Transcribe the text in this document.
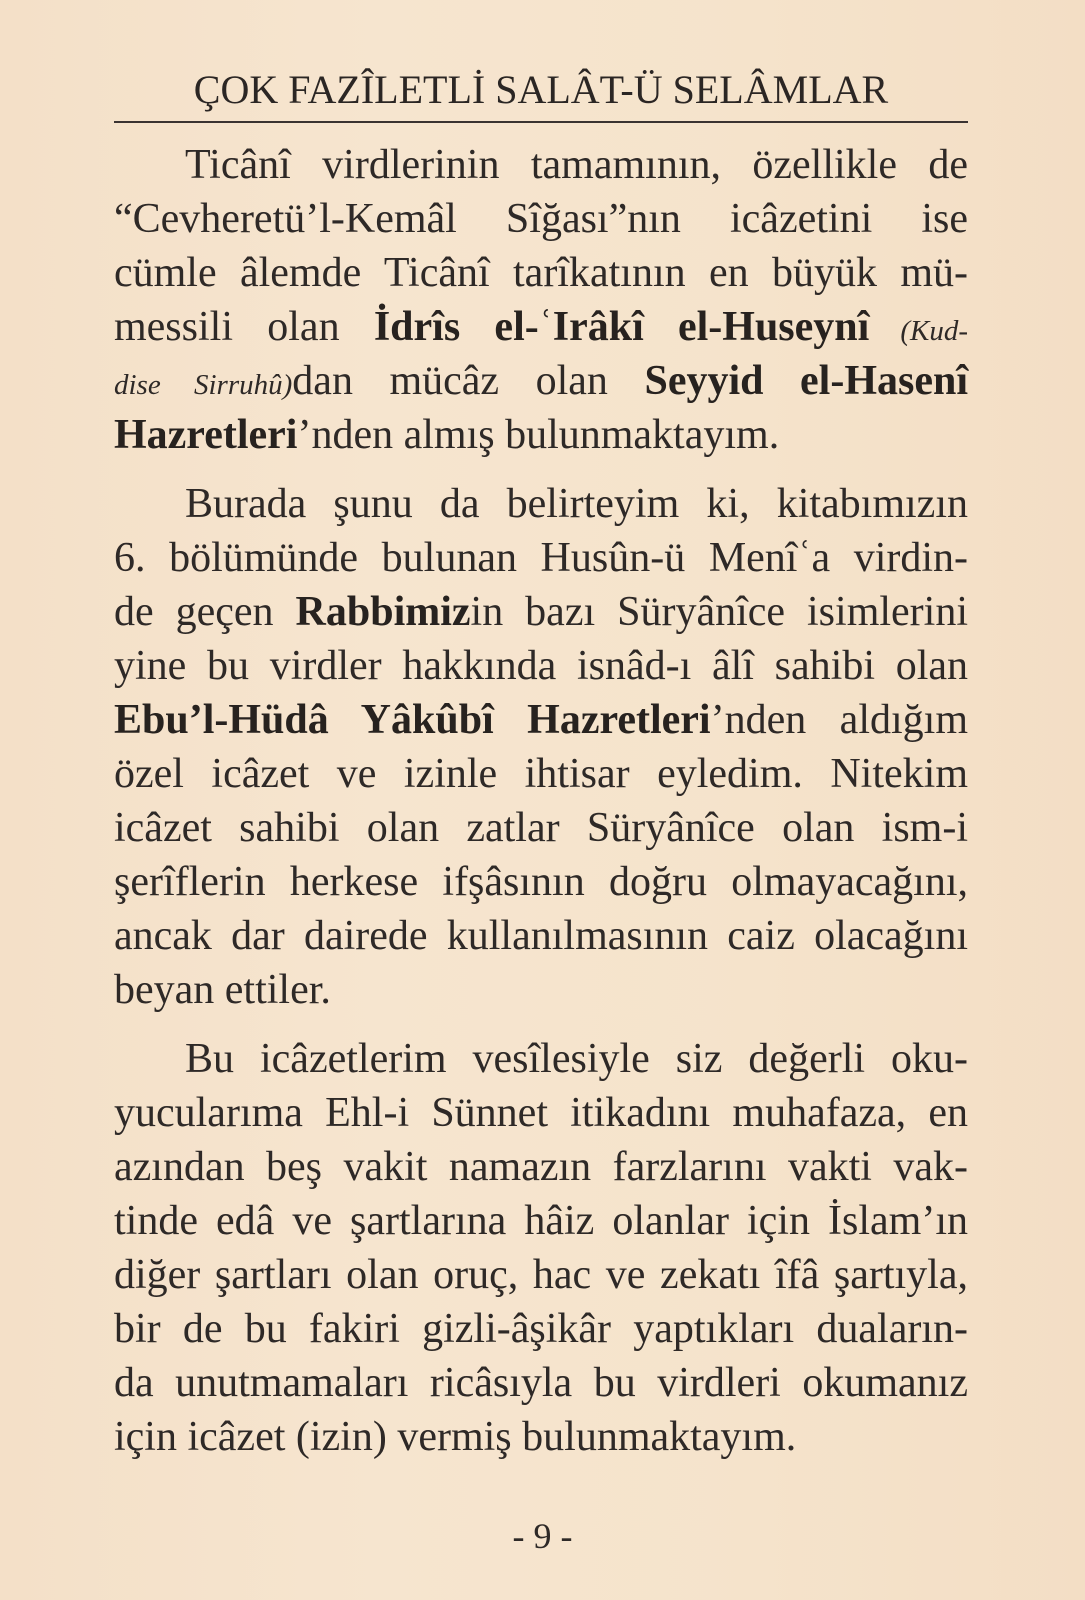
ÇOK FAZÎLETLİ SALÂT-Ü SELÂMLAR
Ticânî virdlerinin tamamının, özellikle de
“Cevheretü’l-Kemâl Sîğası”nın icâzetini ise
cümle âlemde Ticânî tarîkatının en büyük mü-
messili olan İdrîs el-ʿIrâkî el-Huseynî (Kud-
dise Sirruhû)dan mücâz olan Seyyid el-Hasenî
Hazretleri’nden almış bulunmaktayım.
Burada şunu da belirteyim ki, kitabımızın
6. bölümünde bulunan Husûn-ü Menîʿa virdin-
de geçen Rabbimizin bazı Süryânîce isimlerini
yine bu virdler hakkında isnâd-ı âlî sahibi olan
Ebu’l-Hüdâ Yâkûbî Hazretleri’nden aldığım
özel icâzet ve izinle ihtisar eyledim. Nitekim
icâzet sahibi olan zatlar Süryânîce olan ism-i
şerîflerin herkese ifşâsının doğru olmayacağını,
ancak dar dairede kullanılmasının caiz olacağını
beyan ettiler.
Bu icâzetlerim vesîlesiyle siz değerli oku-
yucularıma Ehl-i Sünnet itikadını muhafaza, en
azından beş vakit namazın farzlarını vakti vak-
tinde edâ ve şartlarına hâiz olanlar için İslam’ın
diğer şartları olan oruç, hac ve zekatı îfâ şartıyla,
bir de bu fakiri gizli-âşikâr yaptıkları duaların-
da unutmamaları ricâsıyla bu virdleri okumanız
için icâzet (izin) vermiş bulunmaktayım.
- 9 -
